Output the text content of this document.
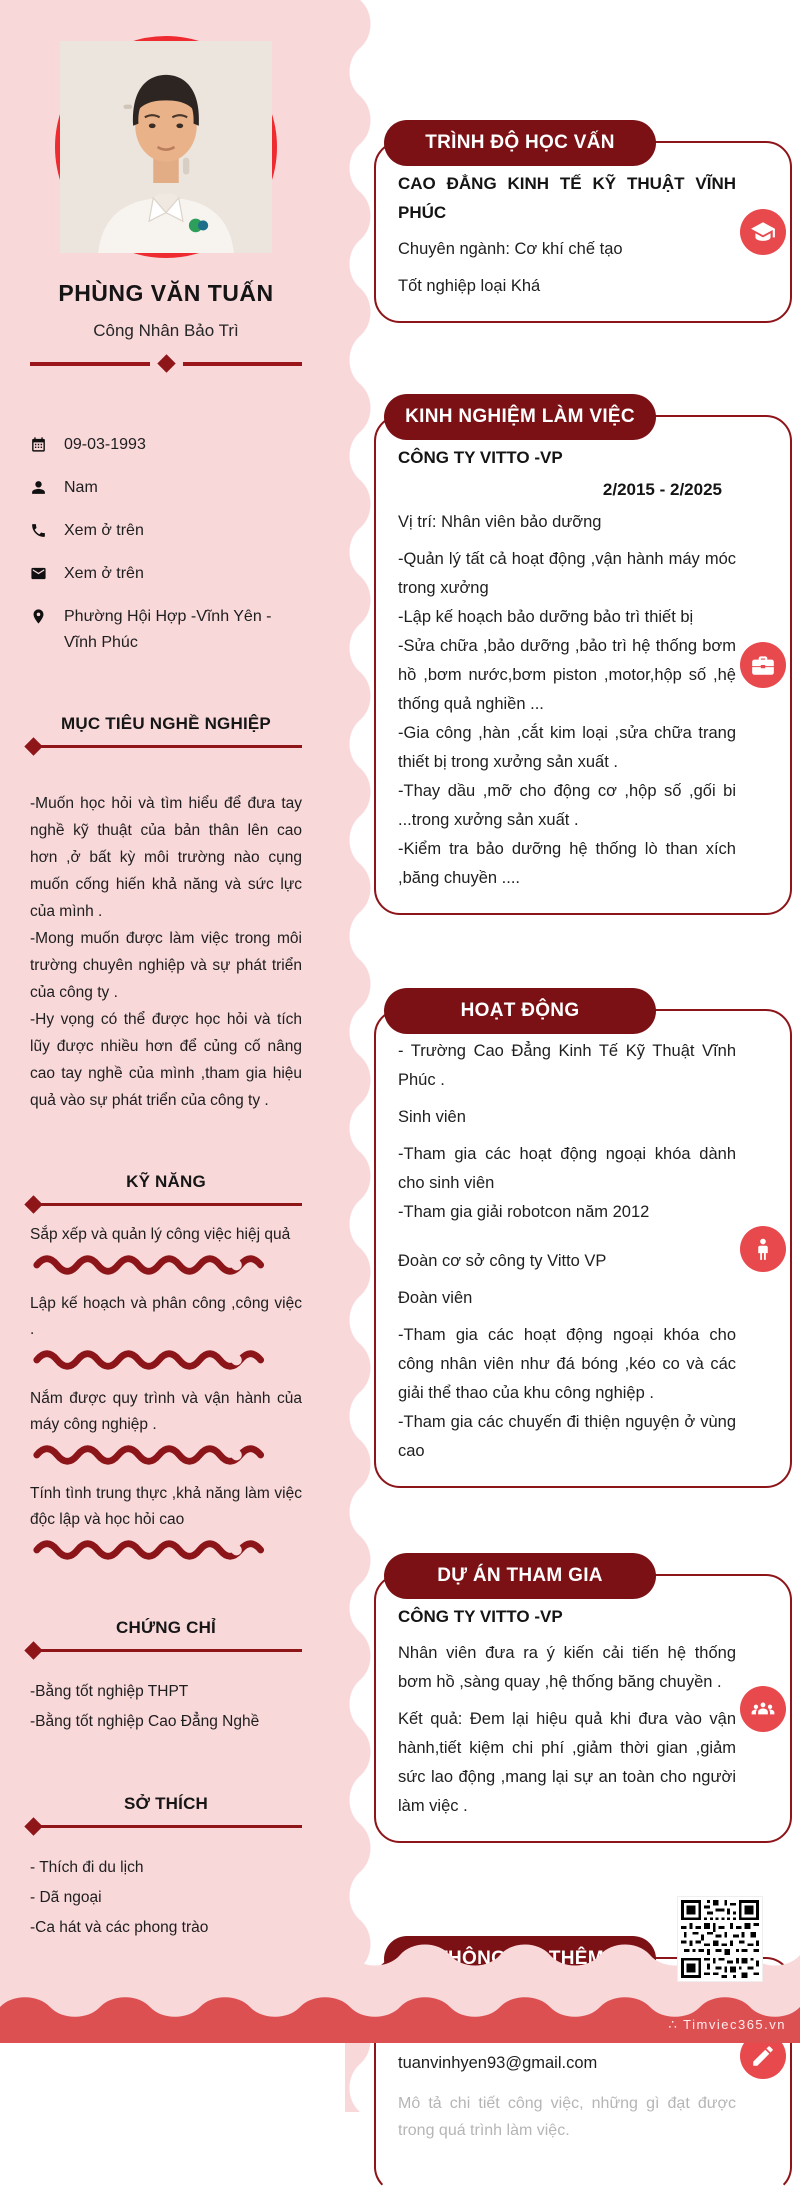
PHÙNG VĂN TUẤN
Công Nhân Bảo Trì
09-03-1993
Nam
Xem ở trên
Xem ở trên
Phường Hội Hợp -Vĩnh Yên -Vĩnh Phúc
MỤC TIÊU NGHỀ NGHIỆP

-Muốn học hỏi và tìm hiểu để đưa tay nghề kỹ thuật của bản thân lên cao hơn ,ở bất kỳ môi trường nào cụng muốn cống hiến khả năng và sức lực của mình .

-Mong muốn được làm việc trong môi trường chuyên nghiệp và sự phát triển của công ty .

-Hy vọng có thể được học hỏi và tích lũy được nhiều hơn để củng cố nâng cao tay nghề của mình ,tham gia hiệu quả vào sự phát triển của công ty .

KỸ NĂNG
Sắp xếp và quản lý công việc hiệj quả
Lập kế hoạch và phân công ,công việc .
Nắm được quy trình và vận hành của máy công nghiệp .
Tính tình trung thực ,khả năng làm việc độc lập và học hỏi cao
CHỨNG CHỈ
-Bằng tốt nghiệp THPT
-Bằng tốt nghiệp Cao Đẳng Nghề
SỞ THÍCH
- Thích đi du lịch
- Dã ngoại
-Ca hát và các phong trào
TRÌNH ĐỘ HỌC VẤN
CAO ĐẲNG KINH TẾ KỸ THUẬT VĨNH PHÚC
Chuyên ngành: Cơ khí chế tạo
Tốt nghiệp loại Khá
KINH NGHIỆM LÀM VIỆC
CÔNG TY VITTO -VP
2/2015 - 2/2025
Vị trí: Nhân viên bảo dưỡng
-Quản lý tất cả hoạt động ,vận hành máy móc trong xưởng
-Lập kế hoạch bảo dưỡng bảo trì thiết bị
-Sửa chữa ,bảo dưỡng ,bảo trì hệ thống bơm hồ ,bơm nước,bơm piston ,motor,hộp số ,hệ thống quả nghiền ...
-Gia công ,hàn ,cắt kim loại ,sửa chữa trang thiết bị trong xưởng sản xuất .
-Thay dầu ,mỡ cho động cơ ,hộp số ,gối bi ...trong xưởng sản xuất .
-Kiểm tra bảo dưỡng hệ thống lò than xích ,băng chuyền ....
HOẠT ĐỘNG
- Trường Cao Đẳng Kinh Tế Kỹ Thuật Vĩnh Phúc .
Sinh viên
-Tham gia các hoạt động ngoại khóa dành cho sinh viên
-Tham gia giải robotcon năm 2012
Đoàn cơ sở công ty Vitto VP
Đoàn viên
-Tham gia các hoạt động ngoại khóa cho công nhân viên như đá bóng ,kéo co và các giải thể thao của khu công nghiệp .
-Tham gia các chuyến đi thiện nguyện ở vùng cao
DỰ ÁN THAM GIA
CÔNG TY VITTO -VP
Nhân viên đưa ra ý kiến cải tiến hệ thống bơm hồ ,sàng quay ,hệ thống băng chuyền .
Kết quả: Đem lại hiệu quả khi đưa vào vận hành,tiết kiệm chi phí ,giảm thời gian ,giảm sức lao động ,mang lại sự an toàn cho người làm việc .
tuanvinhyen93@gmail.com
Mô tả chi tiết công việc, những gì đạt được trong quá trình làm việc.
∴ Timviec365.vn
